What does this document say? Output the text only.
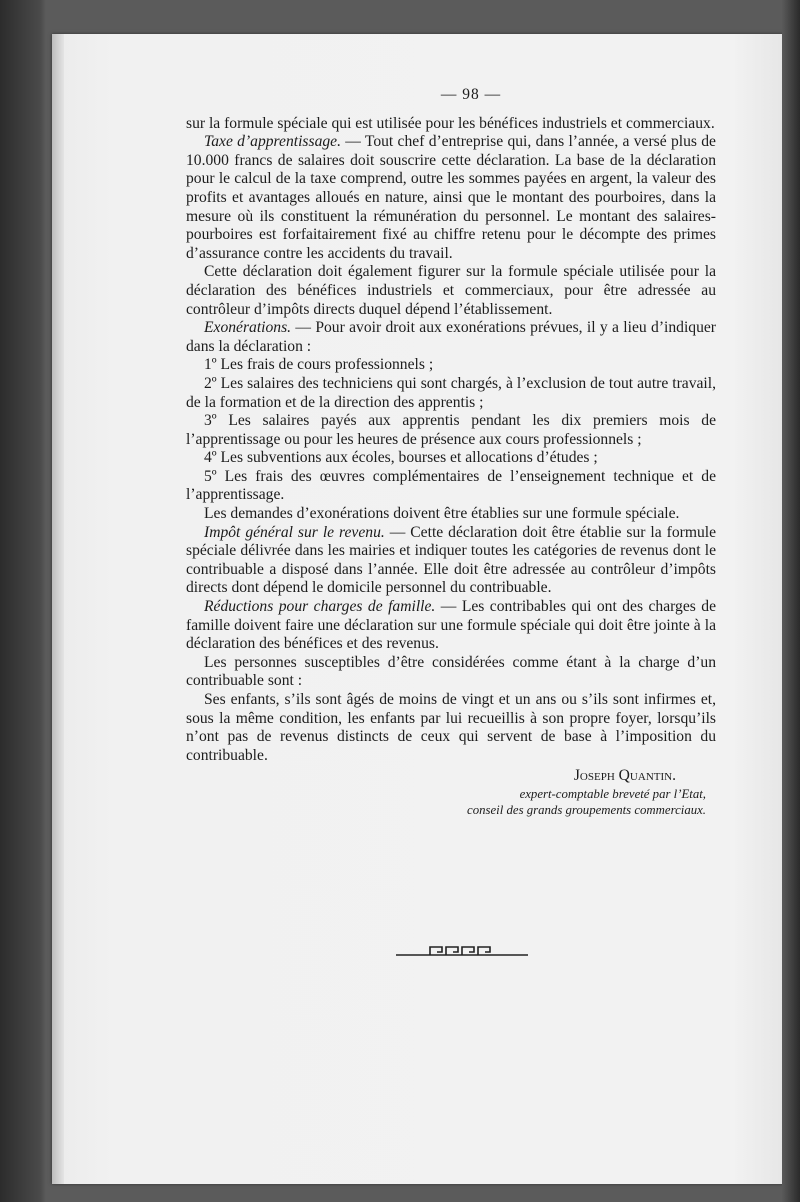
— 98 —

sur la formule spéciale qui est utilisée pour les bénéfices industriels et commerciaux.

Taxe d’apprentissage. — Tout chef d’entreprise qui, dans l’année, a versé plus de 10.000 francs de salaires doit souscrire cette déclaration. La base de la déclaration pour le calcul de la taxe comprend, outre les sommes payées en argent, la valeur des profits et avantages alloués en nature, ainsi que le montant des pourboires, dans la mesure où ils constituent la rémunération du personnel. Le montant des salaires-pourboires est forfaitairement fixé au chiffre retenu pour le décompte des primes d’assurance contre les accidents du travail.

Cette déclaration doit également figurer sur la formule spéciale utilisée pour la déclaration des bénéfices industriels et commerciaux, pour être adressée au contrôleur d’impôts directs duquel dépend l’établissement.

Exonérations. — Pour avoir droit aux exonérations prévues, il y a lieu d’indiquer dans la déclaration :

1º Les frais de cours professionnels ;

2º Les salaires des techniciens qui sont chargés, à l’exclusion de tout autre travail, de la formation et de la direction des apprentis ;

3º Les salaires payés aux apprentis pendant les dix premiers mois de l’apprentissage ou pour les heures de présence aux cours professionnels ;

4º Les subventions aux écoles, bourses et allocations d’études ;

5º Les frais des œuvres complémentaires de l’enseignement technique et de l’apprentissage.

Les demandes d’exonérations doivent être établies sur une formule spéciale.

Impôt général sur le revenu. — Cette déclaration doit être établie sur la formule spéciale délivrée dans les mairies et indiquer toutes les catégories de revenus dont le contribuable a disposé dans l’année. Elle doit être adressée au contrôleur d’impôts directs dont dépend le domicile personnel du contribuable.

Réductions pour charges de famille. — Les contribables qui ont des charges de famille doivent faire une déclaration sur une formule spéciale qui doit être jointe à la déclaration des bénéfices et des revenus.

Les personnes susceptibles d’être considérées comme étant à la charge d’un contribuable sont :

Ses enfants, s’ils sont âgés de moins de vingt et un ans ou s’ils sont infirmes et, sous la même condition, les enfants par lui recueillis à son propre foyer, lorsqu’ils n’ont pas de revenus distincts de ceux qui servent de base à l’imposition du contribuable.

Joseph Quantin.
expert-comptable breveté par l’Etat,
conseil des grands groupements commerciaux.
